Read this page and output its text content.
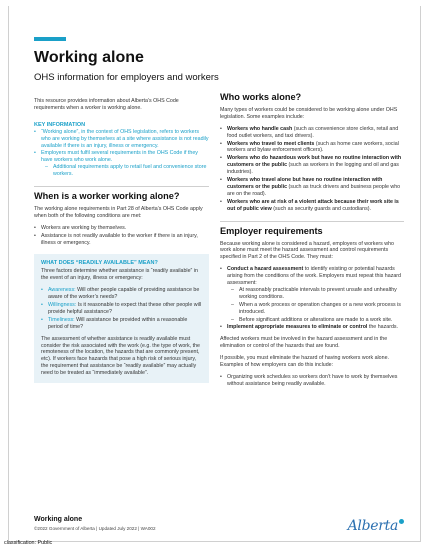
Working alone
OHS information for employers and workers

This resource provides information about Alberta’s OHS Code requirements when a worker is working alone.

KEY INFORMATION
• “Working alone”, in the context of OHS legislation, refers to workers who are working by themselves at a site where assistance is not readily available if there is an injury, illness or emergency.
• Employers must fulfil several requirements in the OHS Code if they have workers who work alone.
– Additional requirements apply to retail fuel and convenience store workers.
When is a worker working alone?

The working alone requirements in Part 28 of Alberta’s OHS Code apply when both of the following conditions are met:

• Workers are working by themselves.
• Assistance is not readily available to the worker if there is an injury, illness or emergency.
WHAT DOES “READILY AVAILABLE” MEAN?

Three factors determine whether assistance is “readily available” in the event of an injury, illness or emergency:

• Awareness: Will other people capable of providing assistance be aware of the worker’s needs?
• Willingness: Is it reasonable to expect that these other people will provide helpful assistance?
• Timeliness: Will assistance be provided within a reasonable period of time?

The assessment of whether assistance is readily available must consider the risk associated with the work (e.g. the type of work, the remoteness of the location, the hazards that are commonly present, etc). If workers face hazards that pose a high risk of serious injury, the requirement that assistance be “readily available” may actually need to be treated as “immediately available”.

Who works alone?

Many types of workers could be considered to be working alone under OHS legislation. Some examples include:

• Workers who handle cash (such as convenience store clerks, retail and food outlet workers, and taxi drivers).
• Workers who travel to meet clients (such as home care workers, social workers and bylaw enforcement officers).
• Workers who do hazardous work but have no routine interaction with customers or the public (such as workers in the logging and oil and gas industries).
• Workers who travel alone but have no routine interaction with customers or the public (such as truck drivers and business people who are on the road).
• Workers who are at risk of a violent attack because their work site is out of public view (such as security guards and custodians).
Employer requirements

Because working alone is considered a hazard, employers of workers who work alone must meet the hazard assessment and control requirements specified in Part 2 of the OHS Code. They must:

• Conduct a hazard assessment to identify existing or potential hazards arising from the conditions of the work. Employers must repeat this hazard assessment:
– At reasonably practicable intervals to prevent unsafe and unhealthy working conditions.
– When a work process or operation changes or a new work process is introduced.
– Before significant additions or alterations are made to a work site.
• Implement appropriate measures to eliminate or control the hazards.

Affected workers must be involved in the hazard assessment and in the elimination or control of the hazards that are found.

If possible, you must eliminate the hazard of having workers work alone. Examples of how employers can do this include:

• Organizing work schedules so workers don’t have to work by themselves without assistance being readily available.
Working alone
©2022 Government of Alberta | Updated July 2022 | WA002	Alberta
classification: Public
